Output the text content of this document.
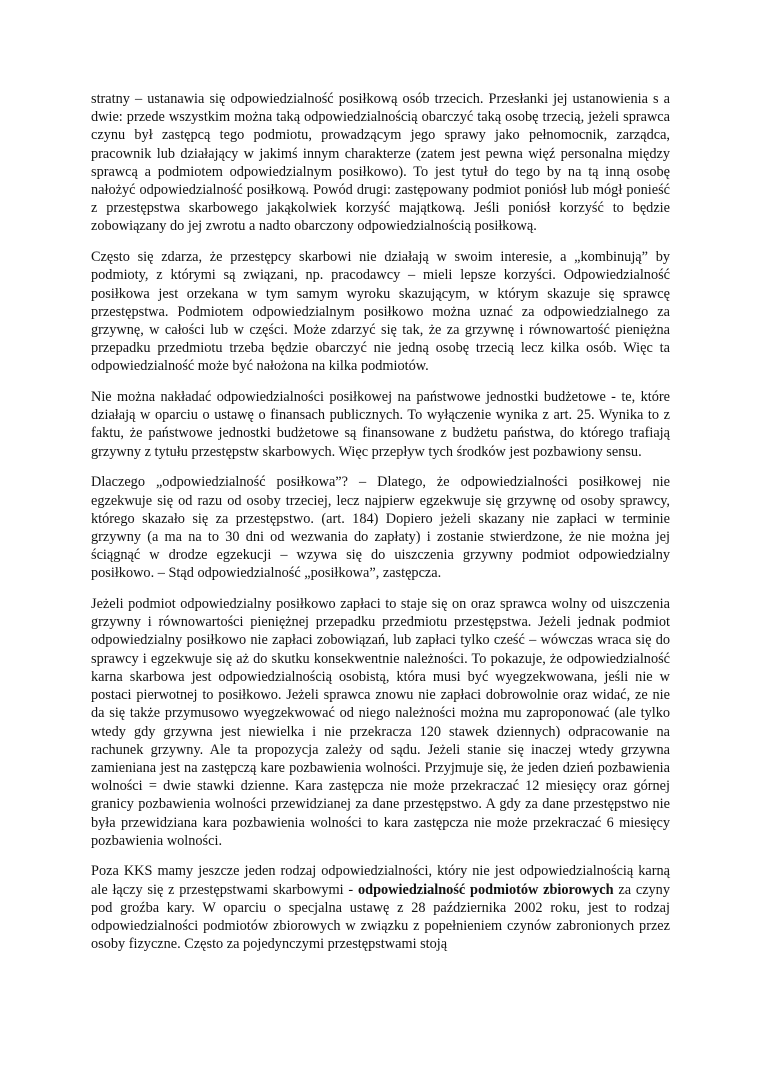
stratny – ustanawia się odpowiedzialność posiłkową osób trzecich. Przesłanki jej ustanowienia s a dwie: przede wszystkim można taką odpowiedzialnością obarczyć taką osobę trzecią, jeżeli sprawca czynu był zastępcą tego podmiotu, prowadzącym jego sprawy jako pełnomocnik, zarządca, pracownik lub działający w jakimś innym charakterze (zatem jest pewna więź personalna między sprawcą a podmiotem odpowiedzialnym posiłkowo). To jest tytuł do tego by na tą inną osobę nałożyć odpowiedzialność posiłkową. Powód drugi: zastępowany podmiot poniósł lub mógł ponieść z przestępstwa skarbowego jakąkolwiek korzyść majątkową. Jeśli poniósł korzyść to będzie zobowiązany do jej zwrotu a nadto obarczony odpowiedzialnością posiłkową.

Często się zdarza, że przestępcy skarbowi nie działają w swoim interesie, a „kombinują” by podmioty, z którymi są związani, np. pracodawcy – mieli lepsze korzyści. Odpowiedzialność posiłkowa jest orzekana w tym samym wyroku skazującym, w którym skazuje się sprawcę przestępstwa. Podmiotem odpowiedzialnym posiłkowo można uznać za odpowiedzialnego za grzywnę, w całości lub w części. Może zdarzyć się tak, że za grzywnę i równowartość pieniężna przepadku przedmiotu trzeba będzie obarczyć nie jedną osobę trzecią lecz kilka osób. Więc ta odpowiedzialność może być nałożona na kilka podmiotów.

Nie można nakładać odpowiedzialności posiłkowej na państwowe jednostki budżetowe - te, które działają w oparciu o ustawę o finansach publicznych. To wyłączenie wynika z art. 25. Wynika to z faktu, że państwowe jednostki budżetowe są finansowane z budżetu państwa, do którego trafiają grzywny z tytułu przestępstw skarbowych. Więc przepływ tych środków jest pozbawiony sensu.

Dlaczego „odpowiedzialność posiłkowa”? – Dlatego, że odpowiedzialności posiłkowej nie egzekwuje się od razu od osoby trzeciej, lecz najpierw egzekwuje się grzywnę od osoby sprawcy, którego skazało się za przestępstwo. (art. 184) Dopiero jeżeli skazany nie zapłaci w terminie grzywny (a ma na to 30 dni od wezwania do zapłaty) i zostanie stwierdzone, że nie można jej ściągnąć w drodze egzekucji – wzywa się do uiszczenia grzywny podmiot odpowiedzialny posiłkowo. – Stąd odpowiedzialność „posiłkowa”, zastępcza.

Jeżeli podmiot odpowiedzialny posiłkowo zapłaci to staje się on oraz sprawca wolny od uiszczenia grzywny i równowartości pieniężnej przepadku przedmiotu przestępstwa. Jeżeli jednak podmiot odpowiedzialny posiłkowo nie zapłaci zobowiązań, lub zapłaci tylko cześć – wówczas wraca się do sprawcy i egzekwuje się aż do skutku konsekwentnie należności. To pokazuje, że odpowiedzialność karna skarbowa jest odpowiedzialnością osobistą, która musi być wyegzekwowana, jeśli nie w postaci pierwotnej to posiłkowo. Jeżeli sprawca znowu nie zapłaci dobrowolnie oraz widać, ze nie da się także przymusowo wyegzekwować od niego należności można mu zaproponować (ale tylko wtedy gdy grzywna jest niewielka i nie przekracza 120 stawek dziennych) odpracowanie na rachunek grzywny. Ale ta propozycja zależy od sądu. Jeżeli stanie się inaczej wtedy grzywna zamieniana jest na zastępczą kare pozbawienia wolności. Przyjmuje się, że jeden dzień pozbawienia wolności = dwie stawki dzienne. Kara zastępcza nie może przekraczać 12 miesięcy oraz górnej granicy pozbawienia wolności przewidzianej za dane przestępstwo. A gdy za dane przestępstwo nie była przewidziana kara pozbawienia wolności to kara zastępcza nie może przekraczać 6 miesięcy pozbawienia wolności.

Poza KKS mamy jeszcze jeden rodzaj odpowiedzialności, który nie jest odpowiedzialnością karną ale łączy się z przestępstwami skarbowymi - odpowiedzialność podmiotów zbiorowych za czyny pod groźba kary. W oparciu o specjalna ustawę z 28 października 2002 roku, jest to rodzaj odpowiedzialności podmiotów zbiorowych w związku z popełnieniem czynów zabronionych przez osoby fizyczne. Często za pojedynczymi przestępstwami stoją
